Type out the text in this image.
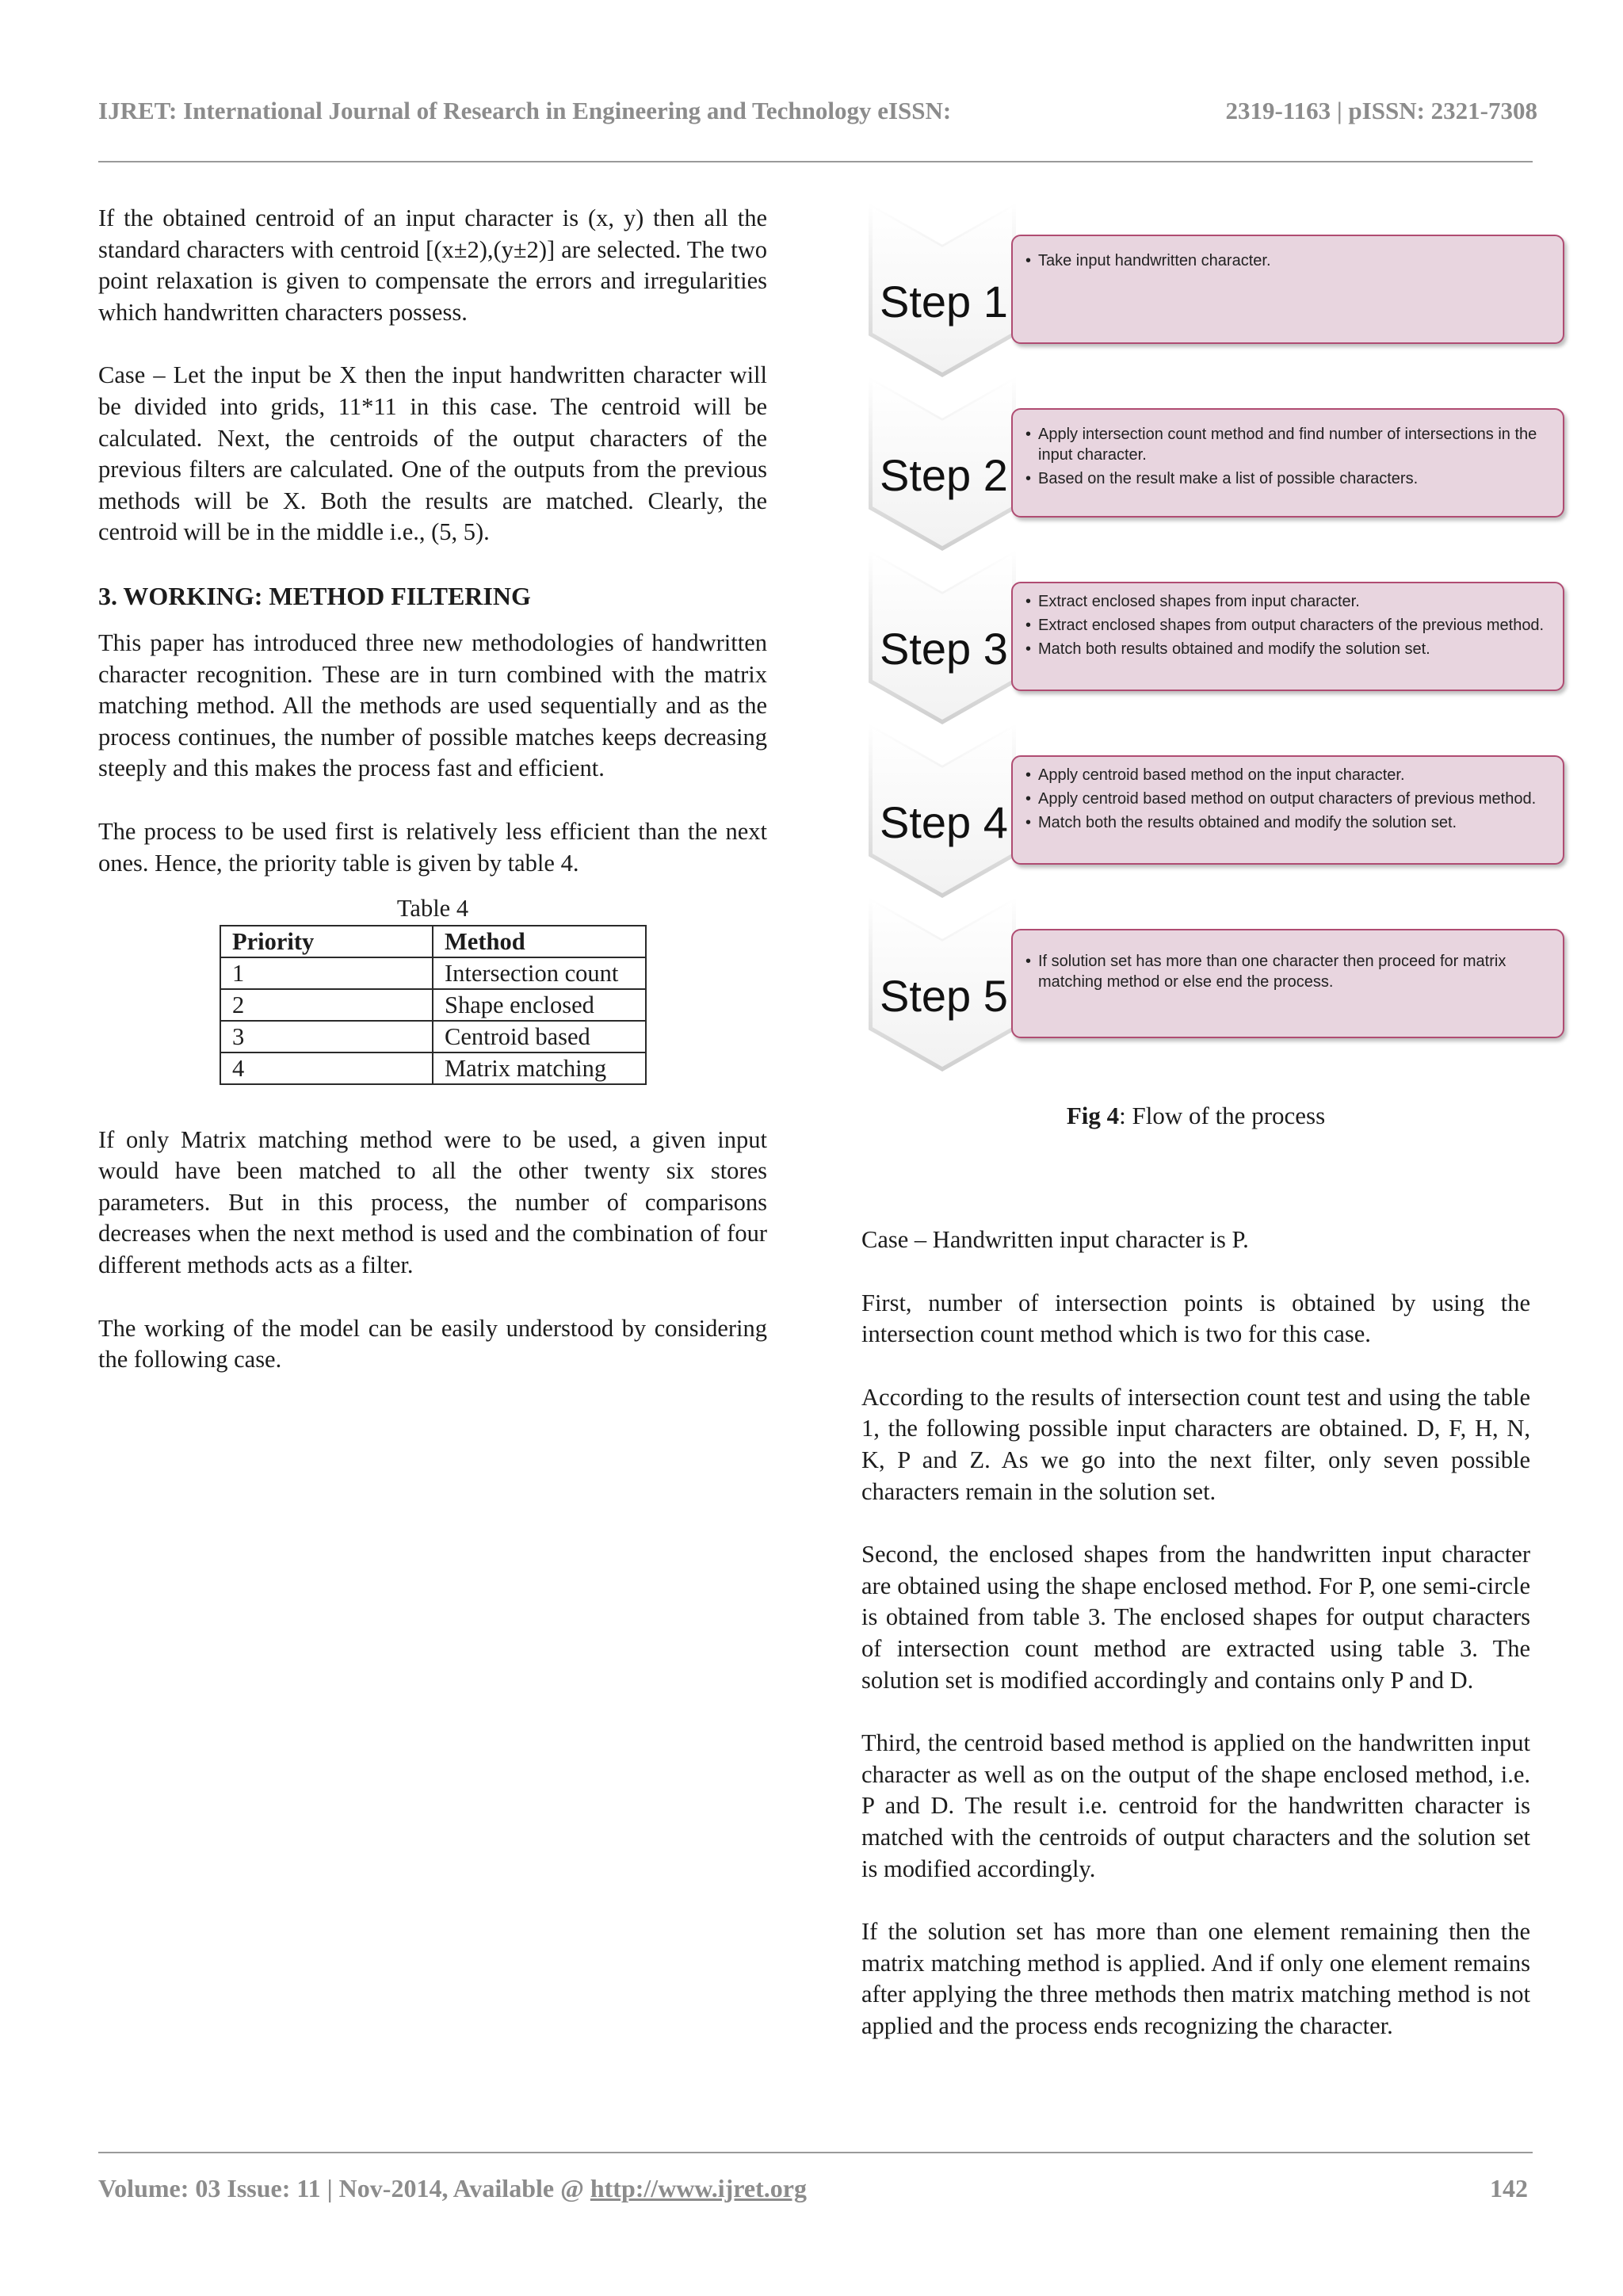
IJRET: International Journal of Research in Engineering and Technology eISSN:	2319-1163 | pISSN: 2321-7308

If the obtained centroid of an input character is (x, y) then all the standard characters with centroid [(x±2),(y±2)] are selected. The two point relaxation is given to compensate the errors and irregularities which handwritten characters possess.

Case – Let the input be X then the input handwritten character will be divided into grids, 11*11 in this case. The centroid will be calculated. Next, the centroids of the output characters of the previous filters are calculated. One of the outputs from the previous methods will be X. Both the results are matched. Clearly, the centroid will be in the middle i.e., (5, 5).

3. WORKING: METHOD FILTERING

This paper has introduced three new methodologies of handwritten character recognition. These are in turn combined with the matrix matching method. All the methods are used sequentially and as the process continues, the number of possible matches keeps decreasing steeply and this makes the process fast and efficient.

The process to be used first is relatively less efficient than the next ones. Hence, the priority table is given by table 4.

Table 4
Priority	Method
1	Intersection count
2	Shape enclosed
3	Centroid based
4	Matrix matching

If only Matrix matching method were to be used, a given input would have been matched to all the other twenty six stores parameters. But in this process, the number of comparisons decreases when the next method is used and the combination of four different methods acts as a filter.

The working of the model can be easily understood by considering the following case.

Step 1
• Take input handwritten character.
Step 2
• Apply intersection count method and find number of intersections in the input character.
• Based on the result make a list of possible characters.
Step 3
• Extract enclosed shapes from input character.
• Extract enclosed shapes from output characters of the previous method.
• Match both results obtained and modify the solution set.
Step 4
• Apply centroid based method on the input character.
• Apply centroid based method on output characters of previous method.
• Match both the results obtained and modify the solution set.
Step 5
• If solution set has more than one character then proceed for matrix matching method or else end the process.
Fig 4: Flow of the process

Case – Handwritten input character is P.

First, number of intersection points is obtained by using the intersection count method which is two for this case.

According to the results of intersection count test and using the table 1, the following possible input characters are obtained. D, F, H, N, K, P and Z. As we go into the next filter, only seven possible characters remain in the solution set.

Second, the enclosed shapes from the handwritten input character are obtained using the shape enclosed method. For P, one semi-circle is obtained from table 3. The enclosed shapes for output characters of intersection count method are extracted using table 3. The solution set is modified accordingly and contains only P and D.

Third, the centroid based method is applied on the handwritten input character as well as on the output of the shape enclosed method, i.e. P and D. The result i.e. centroid for the handwritten character is matched with the centroids of output characters and the solution set is modified accordingly.

If the solution set has more than one element remaining then the matrix matching method is applied. And if only one element remains after applying the three methods then matrix matching method is not applied and the process ends recognizing the character.

Volume: 03 Issue: 11 | Nov-2014, Available @ http://www.ijret.org	142
